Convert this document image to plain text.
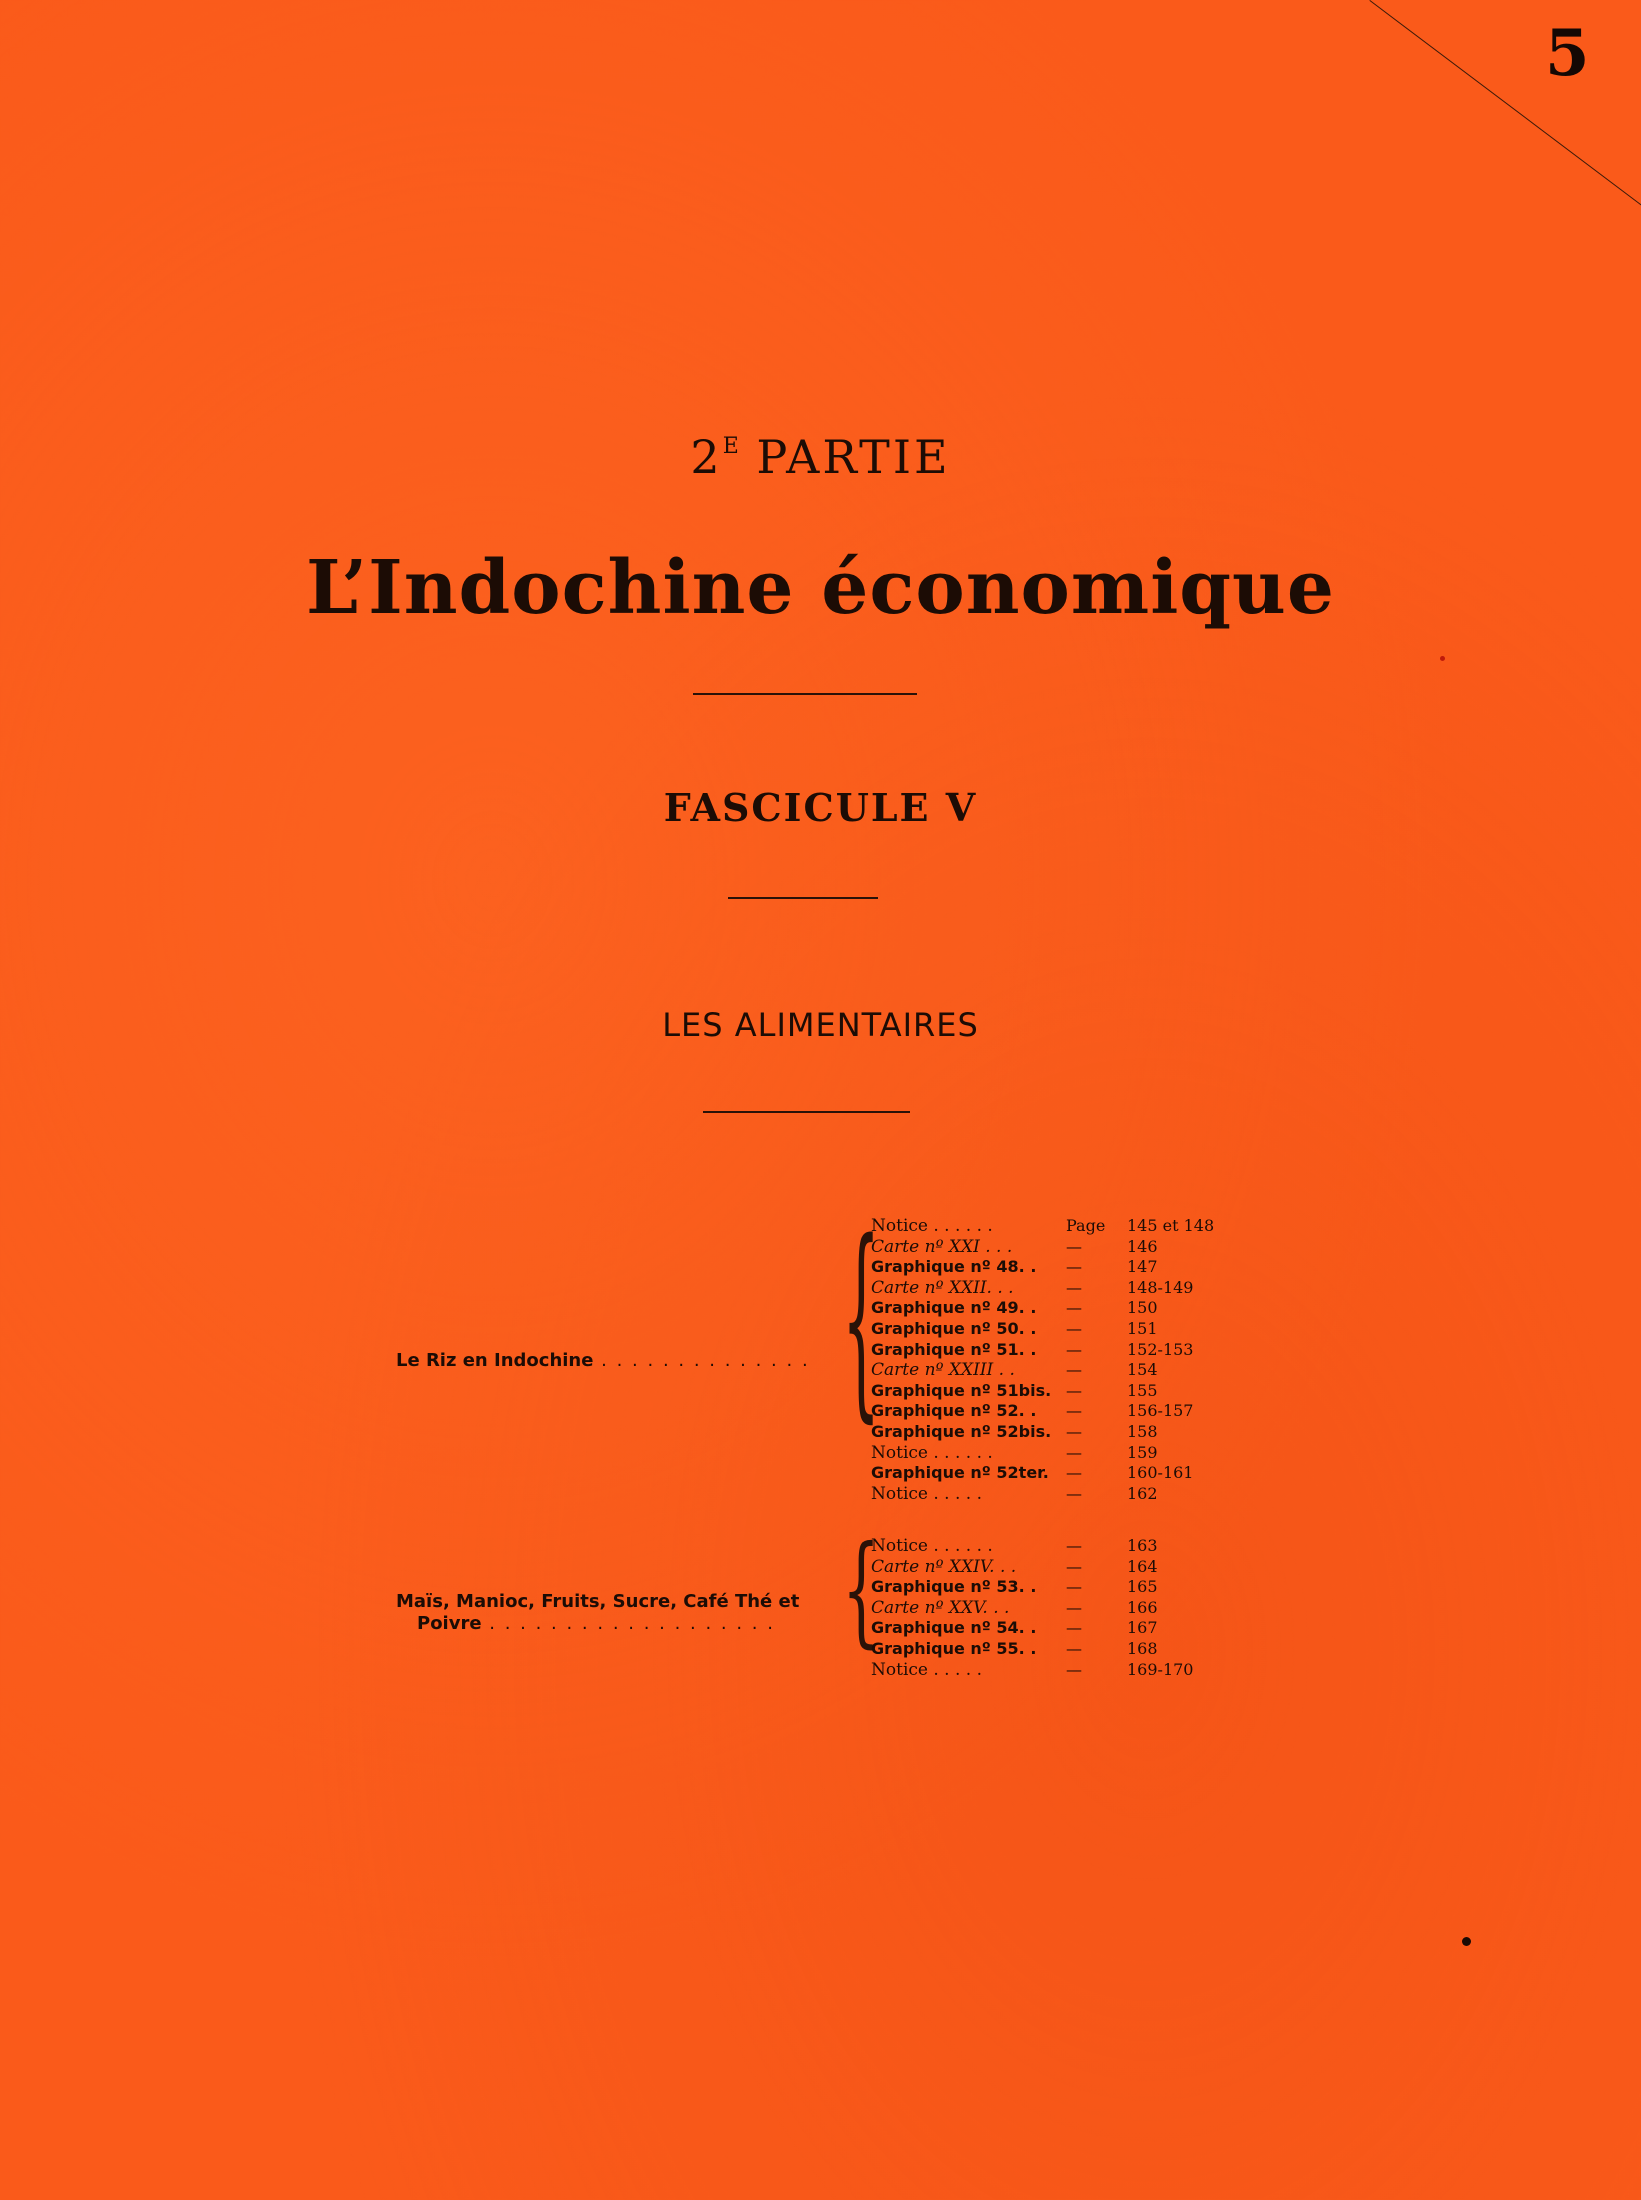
5
$2^E$ PARTIE
L’Indochine économique
FASCICULE V
LES ALIMENTAIRES
Le Riz en Indochine . . . . . . . . . . . . . . {
Notice . . . . . .	Page 145 et 148
Carte nº XXI . . .	—	146
Graphique nº 48. . —	147
Carte nº XXII. . .	—	148-149
Graphique nº 49. . —	150
Graphique nº 50. . —	151
Graphique nº 51. . —	152-153
Carte nº XXIII . .	—	154
Graphique nº 51bis. —	155
Graphique nº 52. . —	156-157
Graphique nº 52bis. —	158
Notice . . . . . .	—	159
Graphique nº 52ter. —	160-161
Notice . . . . .	—	162
Maïs, Manioc, Fruits, Sucre, Café Thé et
Poivre . . . . . . . . . . . . . . . . . . . {
Notice . . . . . .	—	163
Carte nº XXIV. . .	—	164
Graphique nº 53. . —	165
Carte nº XXV. . .	—	166
Graphique nº 54. . —	167
Graphique nº 55. . —	168
Notice . . . . .	—	169-170
